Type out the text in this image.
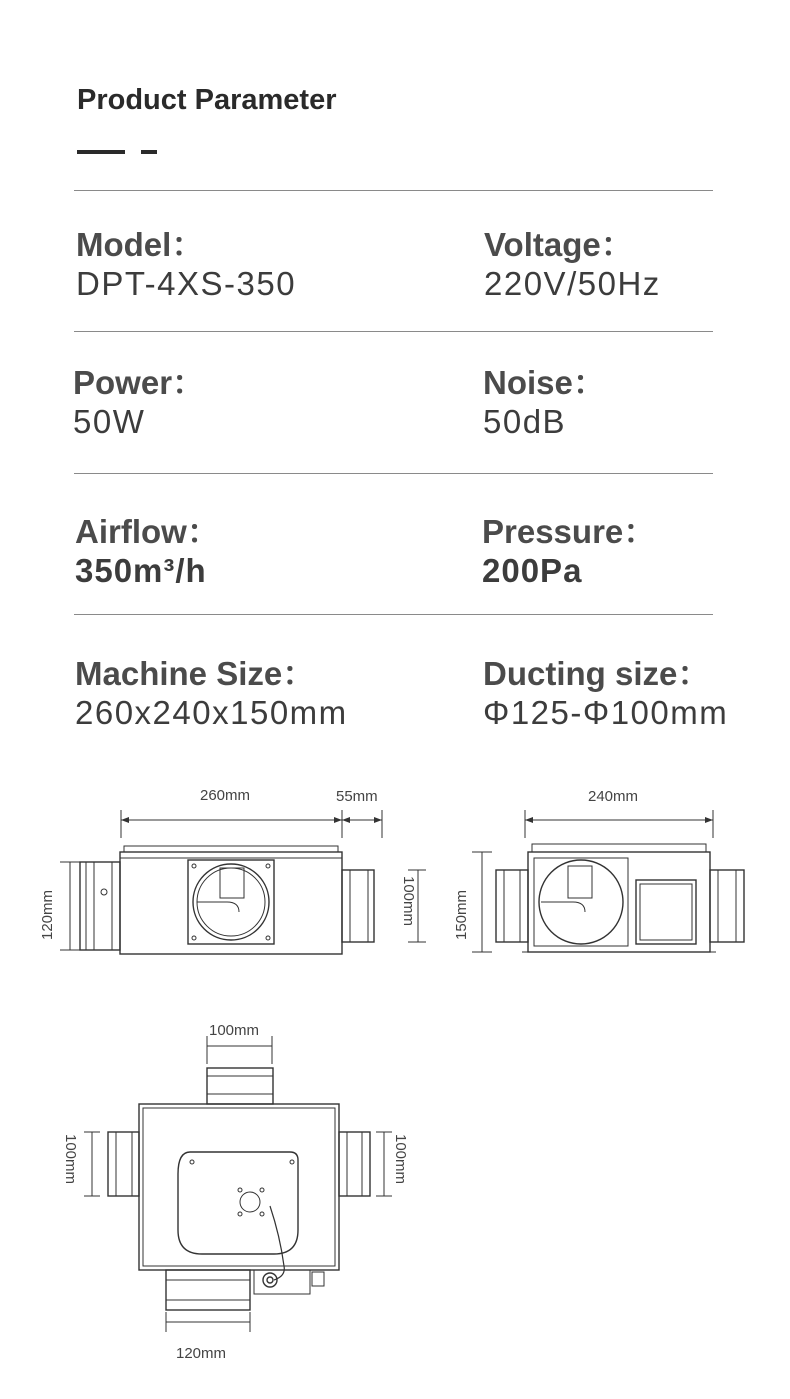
Product Parameter
Model：
DPT-4XS-350
Voltage：
220V/50Hz
Power：
50W
Noise：
50dB
Airflow：
350m³/h
Pressure：
200Pa
Machine Size：
260x240x150mm
Ducting size：
Φ125-Φ100mm
260mm	55mm
120mm	100mm
240mm
150mm
100mm
100mm	100mm
120mm
